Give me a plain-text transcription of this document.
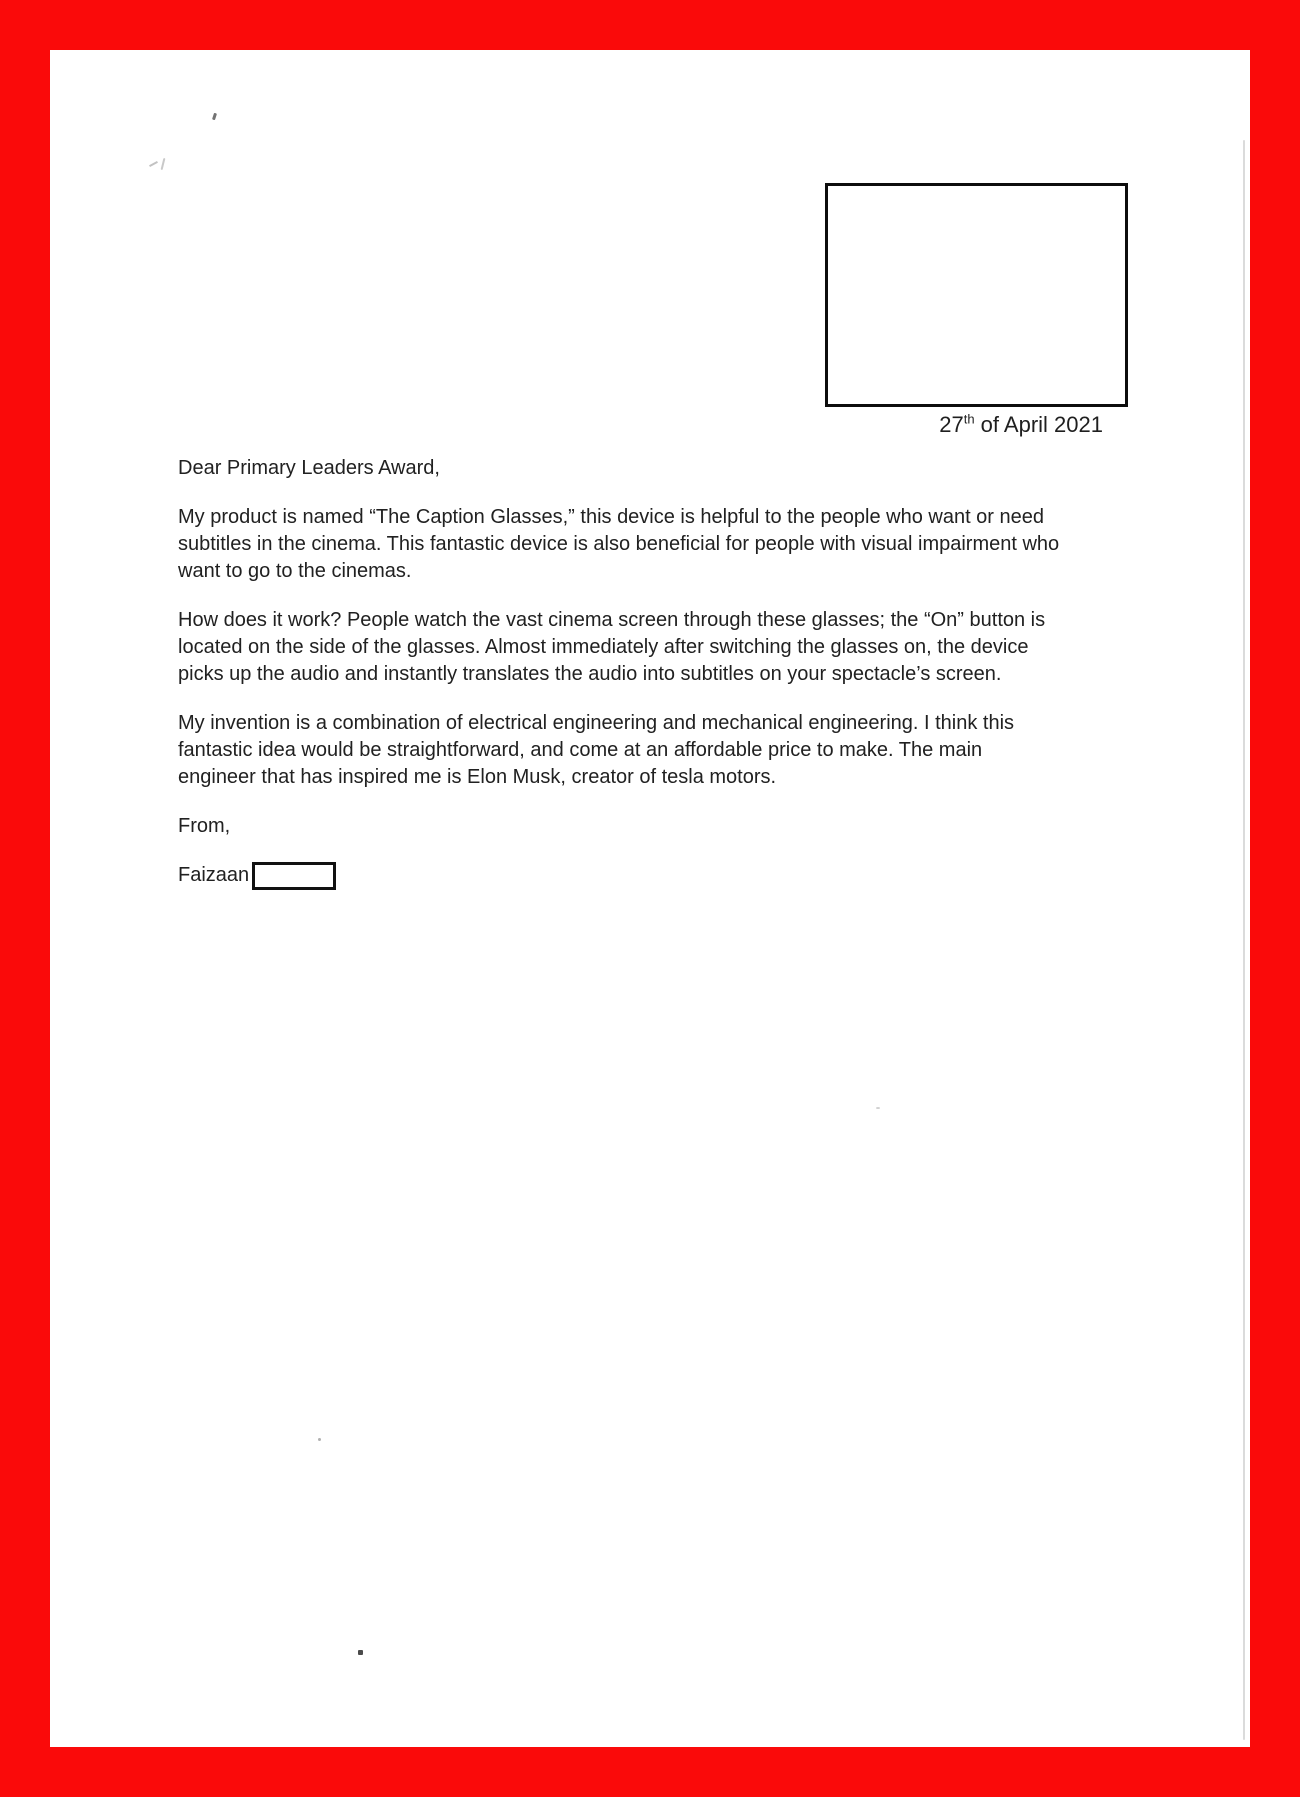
27th of April 2021

Dear Primary Leaders Award,

My product is named “The Caption Glasses,” this device is helpful to the people who want or need
subtitles in the cinema. This fantastic device is also beneficial for people with visual impairment who
want to go to the cinemas.

How does it work? People watch the vast cinema screen through these glasses; the “On” button is
located on the side of the glasses. Almost immediately after switching the glasses on, the device
picks up the audio and instantly translates the audio into subtitles on your spectacle’s screen.

My invention is a combination of electrical engineering and mechanical engineering. I think this
fantastic idea would be straightforward, and come at an affordable price to make. The main
engineer that has inspired me is Elon Musk, creator of tesla motors.

From,

Faizaan
